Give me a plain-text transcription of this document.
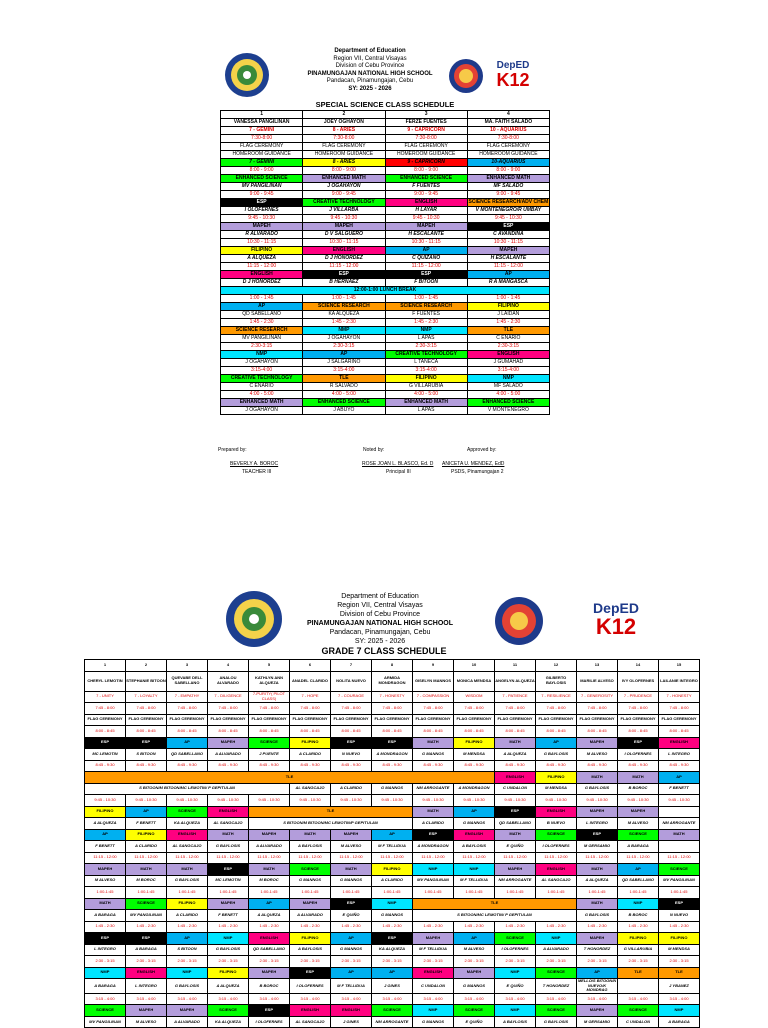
Department of Education
Region VII, Central Visayas
Division of Cebu Province
PINAMUNGAJAN NATIONAL HIGH SCHOOL
Pandacan, Pinamungajan, Cebu
SY: 2025 - 2026
DepED
K12
SPECIAL SCIENCE CLASS SCHEDULE
1	2	3	4
VANESSA PANGILINAN	JOEY OGHAYON	FERZE FUENTES	MA. FAITH SALADO
7 - GEMINI	8 - ARIES	9 - CAPRICORN	10 - AQUARIUS
7:30-8:00	7:30-8:00	7:30-8:00	7:30-8:00
FLAG CEREMONY	FLAG CEREMONY	FLAG CEREMONY	FLAG CEREMONY
HOMEROOM GUIDANCE	HOMEROOM GUIDANCE	HOMEROOM GUIDANCE	HOMEROOM GUIDANCE
7 - GEMINI	8 - ARIES	9 - CAPRICORN	10-AQUARIUS
8:00 - 9:00	8:00 - 9:00	8:00 - 9:00	8:00 - 9:00
ENHANCED SCIENCE	ENHANCED MATH	ENHANCED SCIENCE	ENHANCED MATH
MV PANGILINAN	J OGAHAYON	F FUENTES	MF SALADO
9:00 - 9:45	9:00 - 9:45	9:00 - 9:45	9:00 - 9:45
ESP	CREATIVE TECHNOLOGY	ENGLISH	SCIENCE RESEARCH/ADV CHEM
I OLOFERNES	J VILLARBA	H LAYAR	V MONTENEGRO/R UMBAY
9:45 - 10:30	9:45 - 10:30	9:45 - 10:30	9:45 - 10:30
MAPEH	MAPEH	MAPEH	ESP
R ALVARADO	D V SALGUERO	H ESCALANTE	C AVANDINA
10:30 - 11:15	10:30 - 11:15	10:30 - 11:15	10:30 - 11:15
FILIPINO	ENGLISH	AP	MAPEH
A ALQUEZA	D J HONORDEZ	C QUIZANO	H ESCALANTE
11:15 - 12:00	11:15 - 12:00	11:15 - 12:00	11:15 - 12:00
ENGLISH	ESP	ESP	AP
D J HONORDEZ	B HERNAEZ	F BITOON	R A MANGASCA
12:00-1:00 LUNCH BREAK			
1:00 - 1:45	1:00 - 1:45	1:00 - 1:45	1:00 - 1:45
AP	SCIENCE RESEARCH	SCIENCE RESEARCH	FILIPINO
QD SABELLANO	KA ALQUEZA	F FUENTES	J LAIDAN
1:45 - 2:30	1:45 - 2:30	1:45 - 2:30	1:45 - 2:30
SCIENCE RESEARCH	NMP	NMP	TLE
MV PANGILINAN	J OGAHAYON	L APAS	C ENARIO
2:30-3:15	2:30-3:15	2:30-3:15	2:30-3:15
NMP	AP	CREATIVE TECHNOLOGY	ENGLISH
J OGAHAYON	J SALGARINO	L TAÑECA	J GUMAHAD
3:15-4:00	3:15-4:00	3:15-4:00	3:15-4:00
CREATIVE TECHNOLOGY	TLE	FILIPINO	NMP
C ENARIO	R SALVADO	G VILLARUBIA	MF SALADO
4:00 - 5:00	4:00 - 5:00	4:00 - 5:00	4:00 - 5:00
ENHANCED MATH	ENHANCED SCIENCE	ENHANCED MATH	ENHANCED SCIENCE
J OGAHAYON	J ABUYO	L APAS	V MONTENEGRO
Prepared by:	Noted by:	Approved by:
BEVERLY A. BOROC
TEACHER III
ROSE JOAN L. BLASCO, Ed. D
Principal III
ANICETA U. MENDEZ, EdD
PSDS, Pinamungajan 2
Department of Education
Region VII, Central Visayas
Division of Cebu Province
PINAMUNGAJAN NATIONAL HIGH SCHOOL
Pandacan, Pinamungajan, Cebu
SY: 2025 - 2026
DepED
K12
GRADE 7 CLASS SCHEDULE
1	2	3	4	5	6	7	8	9	10	11	12	13	14	15
CHERYL LEMOTIN	STEPHANIE BITOON	QUEVABE DELL SABELLANO	ANALOU ALVARADO	KATHLYN ANN ALQUEZA	ANADEL CLARIDO	NOLITA NUEVO	ARMIDA MONDRAGON	GISELYN MANNOS	MONICA MENDSA	ANGELYN ALQUEZA	GILBERTO BAYLOSIS	MARILIE ALVESO	IVY OLOFERNES	LAILANIE INTEGRO
7 - UNITY	7 - LOYALTY	7 - EMPATHY	7 - DILIGENCE	7-PURITY( PILOT CLASS)	7 - HOPE	7 - COURAGE	7 - HONESTY	7 - COMPASSION	WISDOM	7 - PATIENCE	7 - RESILIENCE	7 - GENEROSITY	7 - PRUDENCE	7 - HONESTY
7:45 - 8:00	7:45 - 8:00	7:45 - 8:00	7:45 - 8:00	7:45 - 8:00	7:45 - 8:00	7:45 - 8:00	7:45 - 8:00	7:45 - 8:00	7:45 - 8:00	7:45 - 8:00	7:45 - 8:00	7:45 - 8:00	7:45 - 8:00	7:45 - 8:00
FLAG CEREMONY	FLAG CEREMONY	FLAG CEREMONY	FLAG CEREMONY	FLAG CEREMONY	FLAG CEREMONY	FLAG CEREMONY	FLAG CEREMONY	FLAG CEREMONY	FLAG CEREMONY	FLAG CEREMONY	FLAG CEREMONY	FLAG CEREMONY	FLAG CEREMONY	FLAG CEREMONY
8:00 - 8:45	8:00 - 8:45	8:00 - 8:45	8:00 - 8:45	8:00 - 8:45	8:00 - 8:45	8:00 - 8:45	8:00 - 8:45	8:00 - 8:45	8:00 - 8:45	8:00 - 8:45	8:00 - 8:45	8:00 - 8:45	8:00 - 8:45	8:00 - 8:45
ESP	ESP	AP	MAPEH	SCIENCE	FILIPINO	ESP	ESP	MATH	FILIPINO	MATH	AP	MAPEH	ESP	ENGLISH
MC LEMOTIN	S BITOON	QD SABELLANO	A ALVARADO	J PUENTE	A CLARIDO	N NUEVO	A MONDRAGON	G MANNOS	M MENDSA	A ALQUEZA	G BAYLOSIS	M ALVESO	I OLOFERNES	L INTEGRO
8:45 - 9:30	8:45 - 9:30	8:45 - 9:30	8:45 - 9:30	8:45 - 9:30	8:45 - 9:30	8:45 - 9:30	8:45 - 9:30	8:45 - 9:30	8:45 - 9:30	8:45 - 9:30	8:45 - 9:30	8:45 - 9:30	8:45 - 9:30	8:45 - 9:30
TLE										ENGLISH	FILIPINO	MATH	MATH	AP
S BITOON/M BITOON/MC LEMOTIN/ P GEPITULAN					AL SANGCAJO	A CLARIDO	G MANNOS	NM ARROGANTE	A MONDRAGON	C UNDALON	M MENDSA	G BAYLOSIS	B BOROC	F BENETT
9:45 - 10:30	9:45 - 10:30	9:45 - 10:30	9:45 - 10:30	9:45 - 10:30	9:45 - 10:30	9:45 - 10:30	9:45 - 10:30	9:45 - 10:30	9:45 - 10:30	9:45 - 10:30	9:45 - 10:30	9:45 - 10:30	9:45 - 10:30	9:45 - 10:30
FILIPINO	AP	SCIENCE	ENGLISH	TLE				MATH	AP	ESP	ENGLISH	MAPEH	MAPEH	
A ALQUEZA	F BENETT	KA ALQUEZA	AL SANGCAJO	S BITOON/M BITOON/MC LEMOTIN/P GEPITULAN				A CLARIDO	G MANNOS	QD SABELLANO	B NUEVO	L INTEGRO	M ALVESO	NM ARROGANTE
AP	FILIPINO	ENGLISH	MATH	MAPEH	MATH	MAPEH	AP	ESP	ENGLISH	MATH	SCIENCE	ESP	SCIENCE	MATH
F BENETT	A CLARIDO	AL SANGCAJO	G BAYLOSIS	A ALVARADO	A BAYLOSIS	M ALVESO	M F TELLIDUA	A MONDRAGON	A BAYLOSIS	E QUIÑO	I OLOFERNES	M GERSAMIO	A BARAGA	
11:15 - 12:00	11:15 - 12:00	11:15 - 12:00	11:15 - 12:00	11:15 - 12:00	11:15 - 12:00	11:15 - 12:00	11:15 - 12:00	11:15 - 12:00	11:15 - 12:00	11:15 - 12:00	11:15 - 12:00	11:15 - 12:00	11:15 - 12:00	11:15 - 12:00
MAPEH	MATH	MATH	ESP	MATH	SCIENCE	MATH	FILIPINO	NMP	NMP	MAPEH	ENGLISH	MATH	AP	SCIENCE
M ALVESO	M BOROC	G BAYLOSIS	MC LEMOTIN	M BOROC	G MANNOS	G MANNOS	A CLARIDO	MV PANGILINAN	M F TELLIDUA	NM ARROGANTE	AL SANGCAJO	A ALQUEZA	QD SABELLANO	MV PANGILINAN
1:00-1:45	1:00-1:45	1:00-1:45	1:00-1:45	1:00-1:45	1:00-1:45	1:00-1:45	1:00-1:45	1:00-1:45	1:00-1:45	1:00-1:45	1:00-1:45	1:00-1:45	1:00-1:45	1:00-1:45
MATH	SCIENCE	FILIPINO	MAPEH	AP	MAPEH	ESP	NMP	TLE				MATH	NMP	ESP
A BARAGA	MV PANGILINAN	A CLARIDO	F BENETT	A ALQUEZA	A ALVARADO	E QUIÑO	G MANNOS	S BITOON/MC LEMOTIN/ P GEPITULAN				G BAYLOSIS	B BOROC	N NUEVO
1:45 - 2:30	1:45 - 2:30	1:45 - 2:30	1:45 - 2:30	1:45 - 2:30	1:45 - 2:30	1:45 - 2:30	1:45 - 2:30	1:45 - 2:30	1:45 - 2:30	1:45 - 2:30	1:45 - 2:30	1:45 - 2:30	1:45 - 2:30	1:45 - 2:30
ESP	ESP	AP	NMP	ENGLISH	FILIPINO	AP	ESP	MAPEH	AP	SCIENCE	NMP	MAPEH	FILIPINO	FILIPINO
L INTEGRO	A BARAGA	S BITOON	G BAYLOSIS	QD SABELLANO	A BAYLOSIS	G MANNOS	KA ALQUEZA	M F TELLIDUA	M ALVESO	I OLOFERNES	A ALVARADO	T HONORDEZ	G VILLARUBIA	M MENDSA
2:30 - 3:15	2:30 - 3:15	2:30 - 3:15	2:30 - 3:15	2:30 - 3:15	2:30 - 3:15	2:30 - 3:15	2:30 - 3:15	2:30 - 3:15	2:30 - 3:15	2:30 - 3:15	2:30 - 3:15	2:30 - 3:15	2:30 - 3:15	2:30 - 3:15
NMP	ENGLISH	NMP	FILIPINO	MAPEH	ESP	AP	AP	ENGLISH	MAPEH	NMP	SCIENCE	AP	TLE	TLE
A BARAGA	L INTEGRO	G BAYLOSIS	A ALQUEZA	B BOROC	I OLOFERNES	M F TELLIDUA	J GINES	C UNDALON	G MANNOS	E QUIÑO	T HONORDEZ	MELLO/S BITOON/N NUEVO/K MONDRAG		J YBANEZ
3:15 - 4:00	3:15 - 4:00	3:15 - 4:00	3:15 - 4:00	3:15 - 4:00	3:15 - 4:00	3:15 - 4:00	3:15 - 4:00	3:15 - 4:00	3:15 - 4:00	3:15 - 4:00	3:15 - 4:00	3:15 - 4:00	3:15 - 4:00	3:15 - 4:00
SCIENCE	MAPEH	MAPEH	SCIENCE	ESP	ENGLISH	ENGLISH	SCIENCE	NMP	SCIENCE	NMP	SCIENCE	MAPEH	SCIENCE	NMP
MV PANGILINAN	M ALVESO	A ALVARADO	KA ALQUEZA	I OLOFERNES	AL SANGCAJO	J GINES	NM ARROGANTE	G MANNOS	E QUIÑO	A BAYLOSIS	G BAYLOSIS	M GERSAMIO	C UNDALON	A BARAGA
